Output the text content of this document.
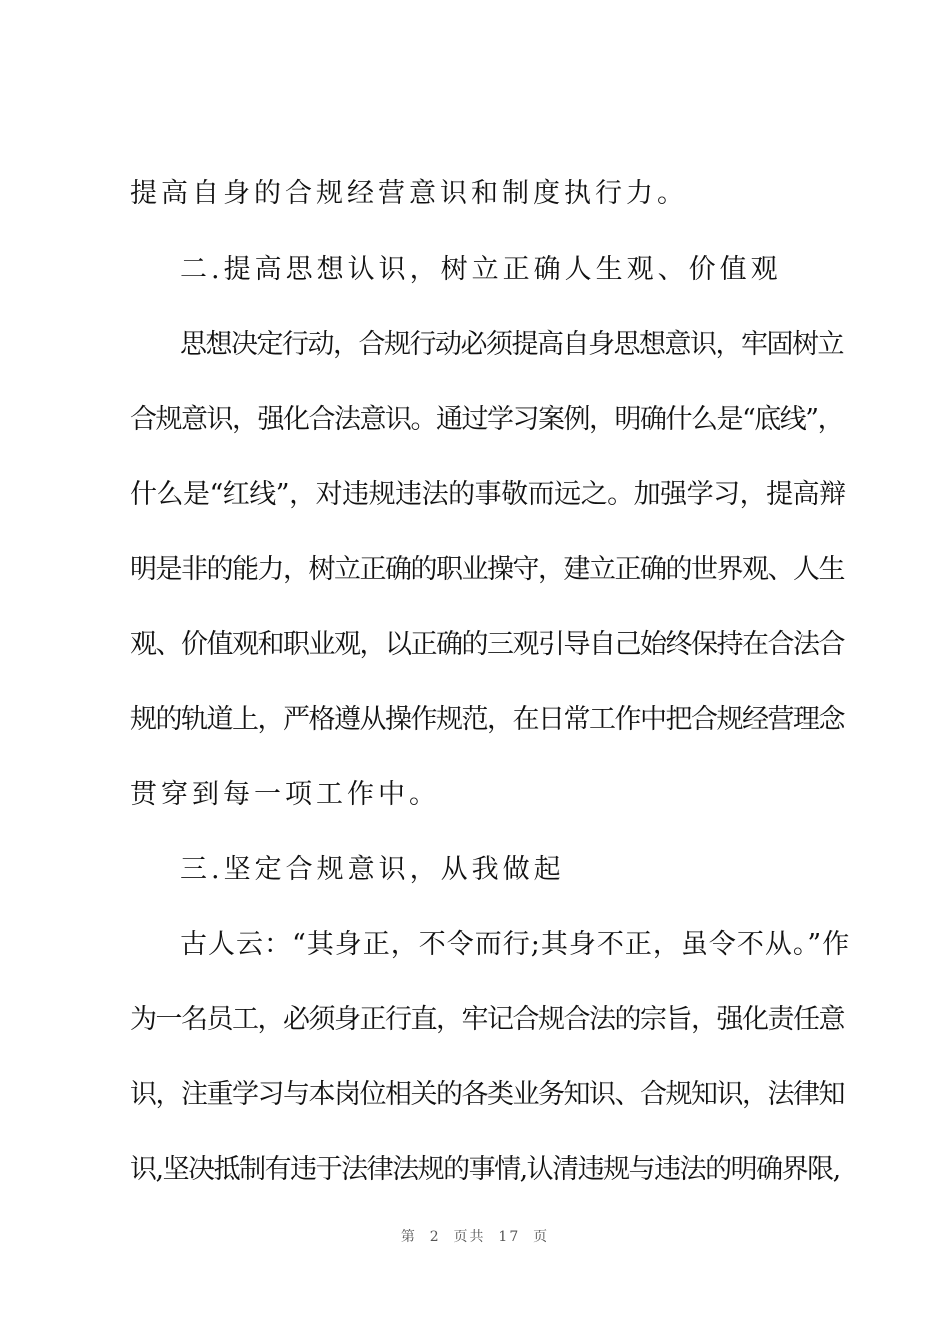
提高自身的合规经营意识和制度执行力。
二.提高思想认识，树立正确人生观、价值观
思想决定行动，合规行动必须提高自身思想意识，牢固树立
合规意识，强化合法意识。通过学习案例，明确什么是“底线”，
什么是“红线”，对违规违法的事敬而远之。加强学习，提高辩
明是非的能力，树立正确的职业操守，建立正确的世界观、人生
观、价值观和职业观，以正确的三观引导自己始终保持在合法合
规的轨道上，严格遵从操作规范，在日常工作中把合规经营理念
贯穿到每一项工作中。
三.坚定合规意识，从我做起
古人云：“其身正，不令而行;其身不正，虽令不从。”作
为一名员工，必须身正行直，牢记合规合法的宗旨，强化责任意
识，注重学习与本岗位相关的各类业务知识、合规知识，法律知
识,坚决抵制有违于法律法规的事情,认清违规与违法的明确界限,
第  2  页共  17  页
